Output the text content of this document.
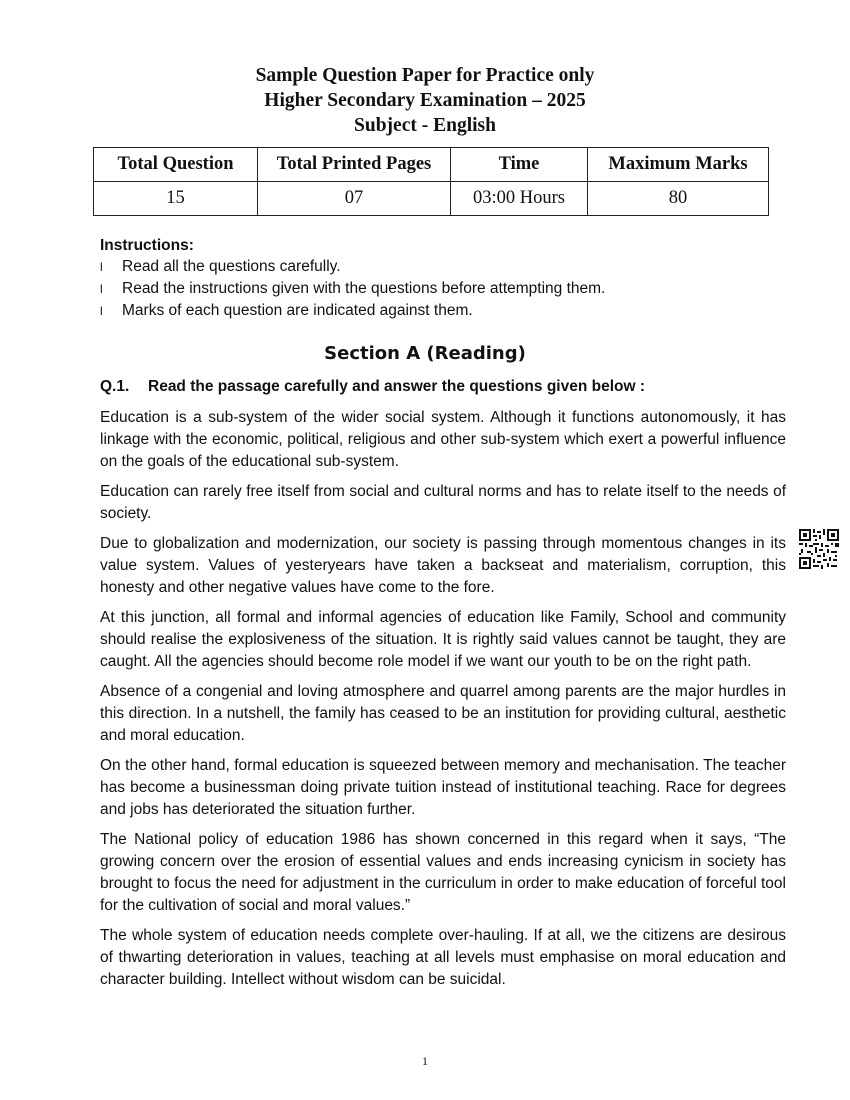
Sample Question Paper for Practice only
Higher Secondary Examination – 2025
Subject - English
Total Question	Total Printed Pages	Time	Maximum Marks
15	07	03:00 Hours	80
Instructions:
l Read all the questions carefully.
l Read the instructions given with the questions before attempting them.
l Marks of each question are indicated against them.
Section A (Reading)
Q.1. Read the passage carefully and answer the questions given below :

Education is a sub-system of the wider social system. Although it functions autonomously, it has linkage with the economic, political, religious and other sub-system which exert a powerful influence on the goals of the educational sub-system.

Education can rarely free itself from social and cultural norms and has to relate itself to the needs of society.

Due to globalization and modernization, our society is passing through momentous changes in its value system. Values of yesteryears have taken a backseat and materialism, corruption, this honesty and other negative values have come to the fore.

At this junction, all formal and informal agencies of education like Family, School and community should realise the explosiveness of the situation. It is rightly said values cannot be taught, they are caught. All the agencies should become role model if we want our youth to be on the right path.

Absence of a congenial and loving atmosphere and quarrel among parents are the major hurdles in this direction. In a nutshell, the family has ceased to be an institution for providing cultural, aesthetic and moral education.

On the other hand, formal education is squeezed between memory and mechanisation. The teacher has become a businessman doing private tuition instead of institutional teaching. Race for degrees and jobs has deteriorated the situation further.

The National policy of education 1986 has shown concerned in this regard when it says, “The growing concern over the erosion of essential values and ends increasing cynicism in society has brought to focus the need for adjustment in the curriculum in order to make education of forceful tool for the cultivation of social and moral values.”

The whole system of education needs complete over-hauling. If at all, we the citizens are desirous of thwarting deterioration in values, teaching at all levels must emphasise on moral education and character building. Intellect without wisdom can be suicidal.

1
